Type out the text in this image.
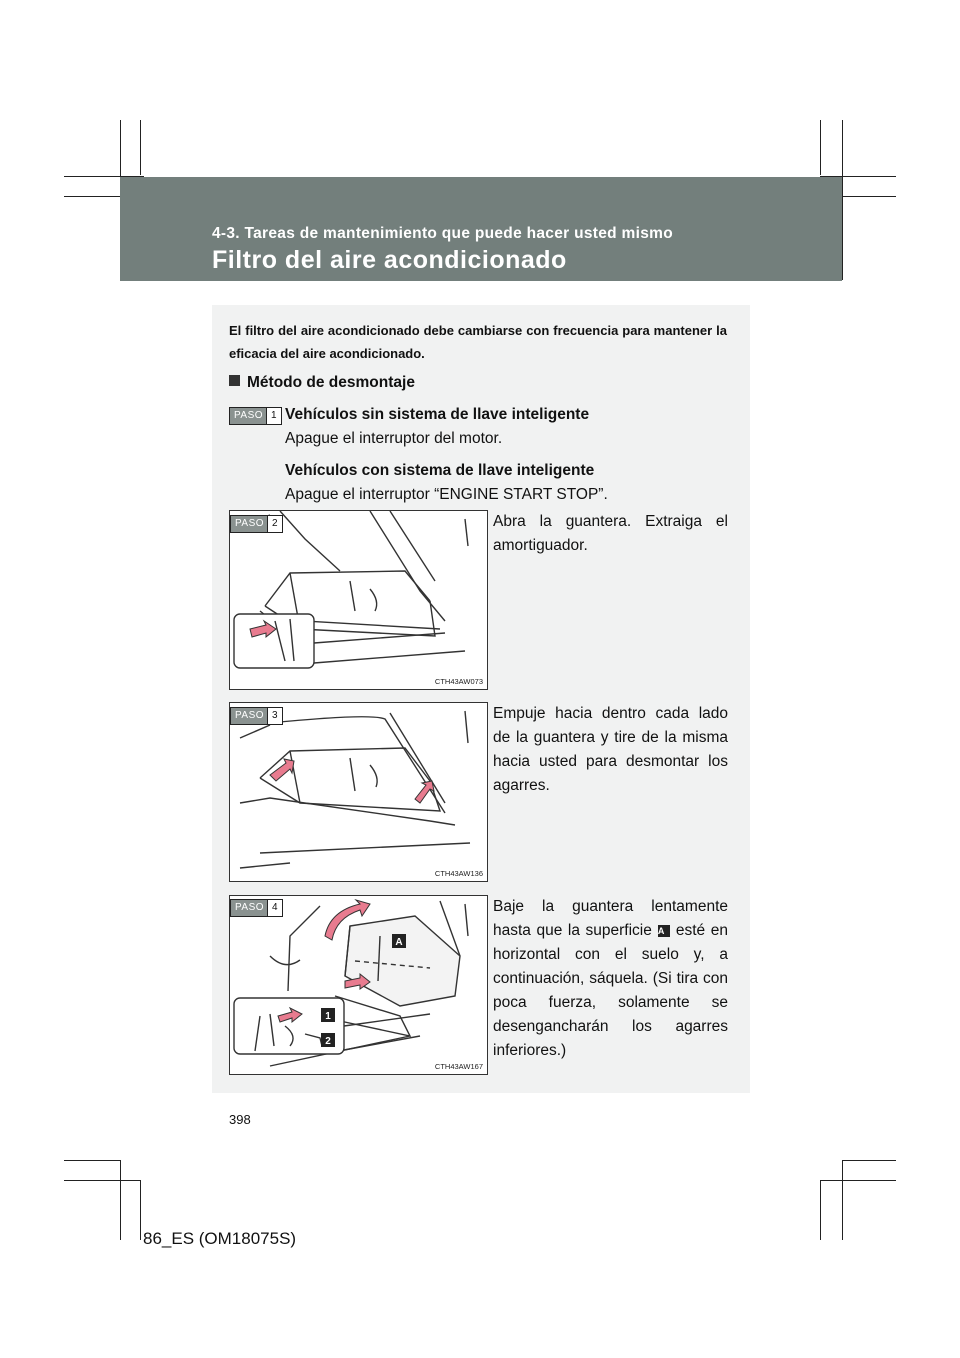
4-3. Tareas de mantenimiento que puede hacer usted mismo
Filtro del aire acondicionado
El filtro del aire acondicionado debe cambiarse con frecuencia para mantener la eficacia del aire acondicionado.
Método de desmontaje
PASO 1 Vehículos sin sistema de llave inteligente
Apague el interruptor del motor.
Vehículos con sistema de llave inteligente
Apague el interruptor “ENGINE START STOP”.
CTH43AW073
PASO 2	Abra la guantera. Extraiga el amortiguador.
CTH43AW136
PASO 3	Empuje hacia dentro cada lado de la guantera y tire de la misma hacia usted para desmontar los agarres.
A
1
2
CTH43AW167
PASO 4	Baje la guantera lentamente hasta que la superficie A esté en horizontal con el suelo y, a continuación, sáquela. (Si tira con poca fuerza, solamente se desengancharán los agarres inferiores.)
398
86_ES (OM18075S)
